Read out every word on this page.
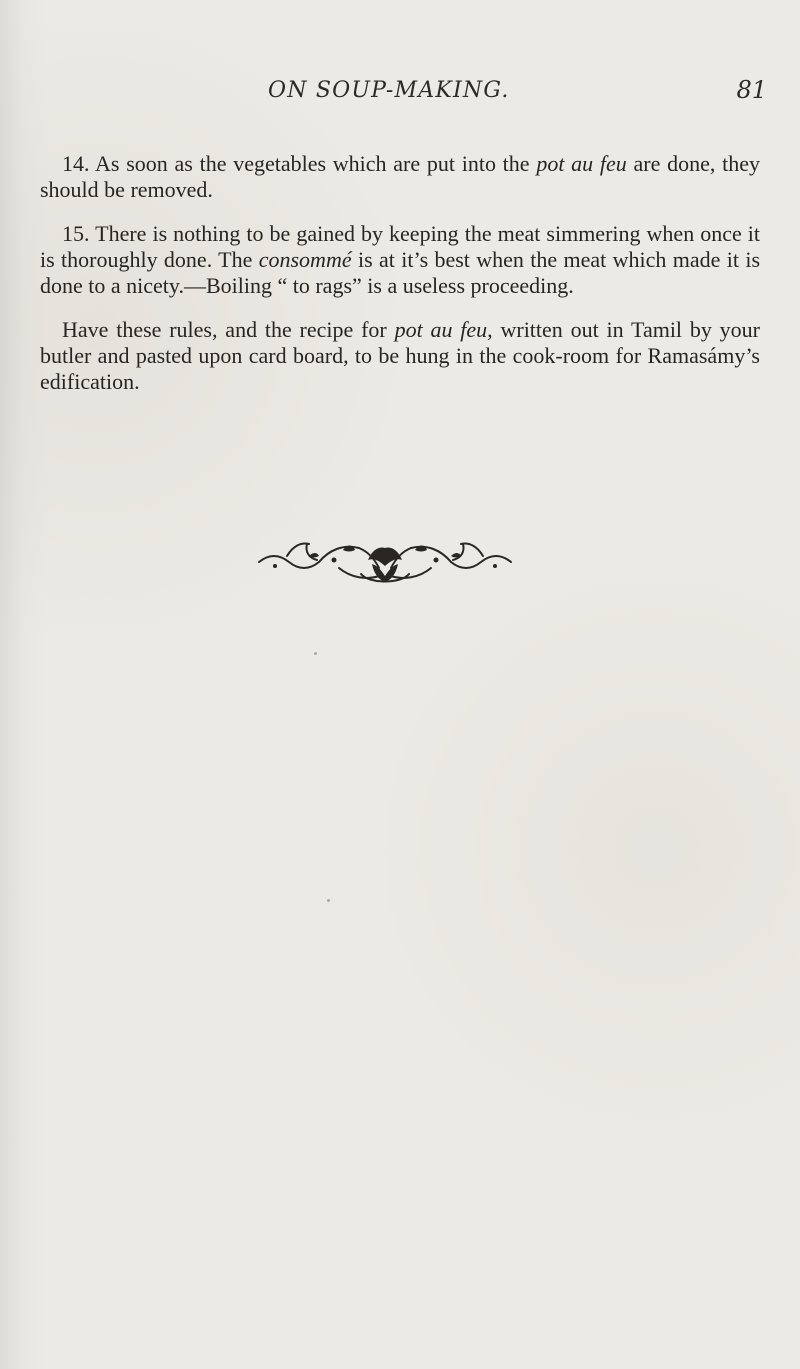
ON SOUP-MAKING.	81

14. As soon as the vegetables which are put into the pot au feu are done, they should be removed.

15. There is nothing to be gained by keeping the meat simmering when once it is thoroughly done. The consommé is at it’s best when the meat which made it is done to a nicety.—Boiling “ to rags” is a useless proceeding.

Have these rules, and the recipe for pot au feu, written out in Tamil by your butler and pasted upon card board, to be hung in the cook-room for Ramasámy’s edification.
